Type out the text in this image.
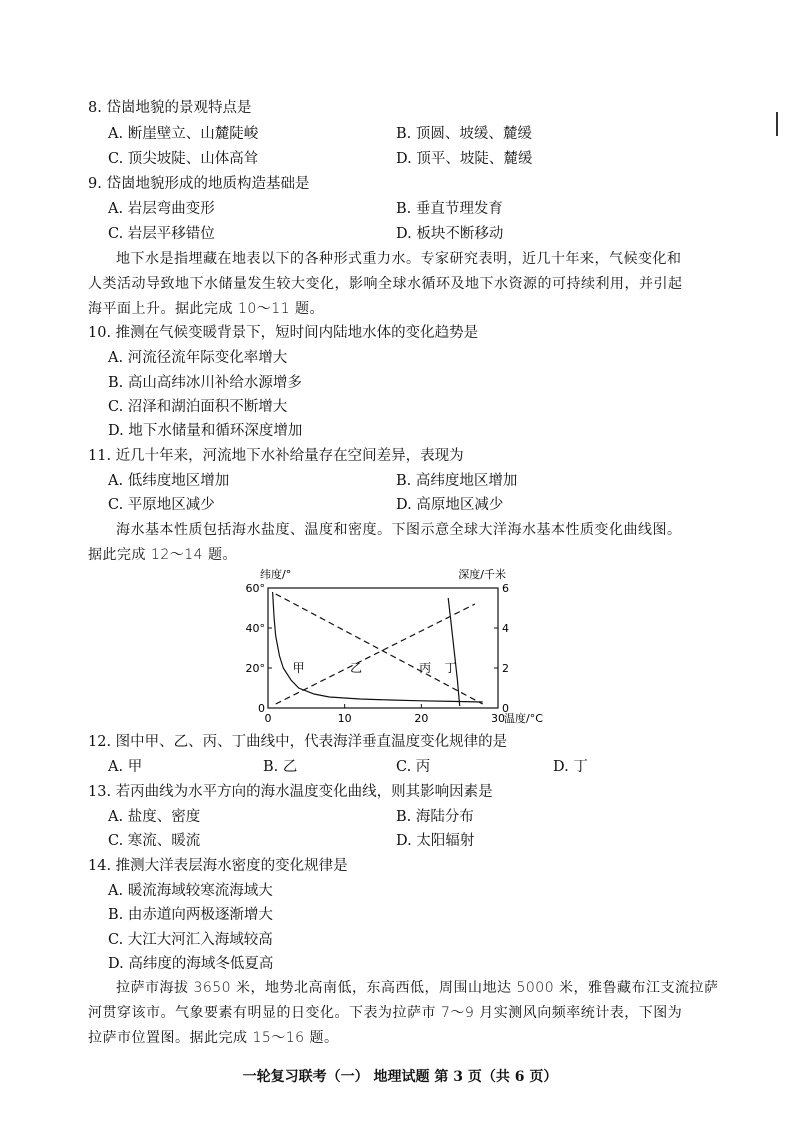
8. 岱崮地貌的景观特点是
A. 断崖壁立、山麓陡峻	B. 顶圆、坡缓、麓缓
C. 顶尖坡陡、山体高耸	D. 顶平、坡陡、麓缓
9. 岱崮地貌形成的地质构造基础是
A. 岩层弯曲变形	B. 垂直节理发育
C. 岩层平移错位	D. 板块不断移动
地下水是指埋藏在地表以下的各种形式重力水。专家研究表明，近几十年来，气候变化和
人类活动导致地下水储量发生较大变化，影响全球水循环及地下水资源的可持续利用，并引起
海平面上升。据此完成 10～11 题。
10. 推测在气候变暖背景下，短时间内陆地水体的变化趋势是
A. 河流径流年际变化率增大
B. 高山高纬冰川补给水源增多
C. 沼泽和湖泊面积不断增大
D. 地下水储量和循环深度增加
11. 近几十年来，河流地下水补给量存在空间差异，表现为
A. 低纬度地区增加	B. 高纬度地区增加
C. 平原地区减少	D. 高原地区减少
海水基本性质包括海水盐度、温度和密度。下图示意全球大洋海水基本性质变化曲线图。
据此完成 12～14 题。
纬度/°	深度/千米
温度/°C
0	10	20	30
0
20°
40°
60°
0
2
4
6
甲	乙	丙 丁
12. 图中甲、乙、丙、丁曲线中，代表海洋垂直温度变化规律的是
A. 甲	B. 乙	C. 丙	D. 丁
13. 若丙曲线为水平方向的海水温度变化曲线，则其影响因素是
A. 盐度、密度	B. 海陆分布
C. 寒流、暖流	D. 太阳辐射
14. 推测大洋表层海水密度的变化规律是
A. 暖流海域较寒流海域大
B. 由赤道向两极逐渐增大
C. 大江大河汇入海域较高
D. 高纬度的海域冬低夏高
拉萨市海拔 3650 米，地势北高南低，东高西低，周围山地达 5000 米，雅鲁藏布江支流拉萨
河贯穿该市。气象要素有明显的日变化。下表为拉萨市 7～9 月实测风向频率统计表，下图为
拉萨市位置图。据此完成 15～16 题。
一轮复习联考（一） 地理试题 第 3 页（共 6 页）
